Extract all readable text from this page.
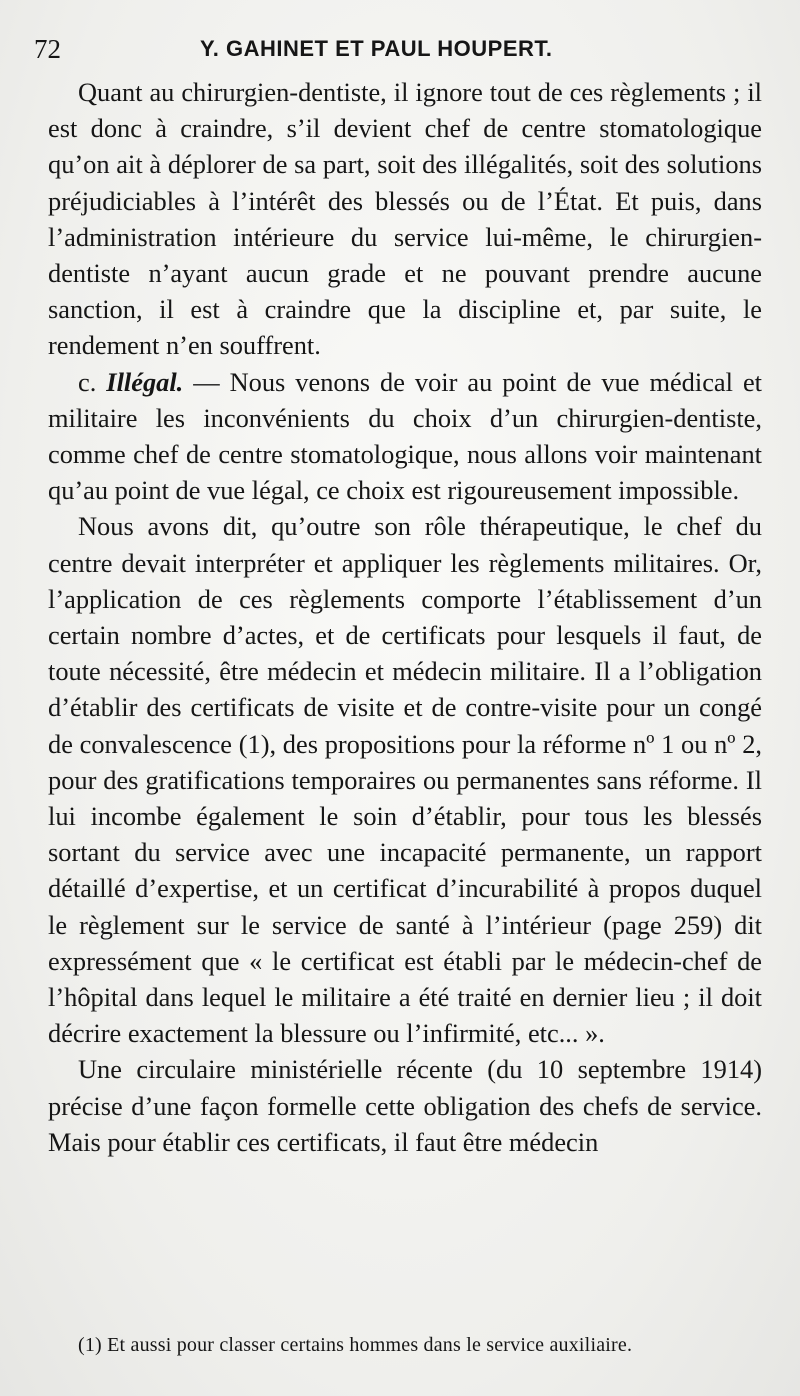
72	Y. GAHINET ET PAUL HOUPERT.

Quant au chirurgien-dentiste, il ignore tout de ces règlements ; il est donc à craindre, s’il devient chef de centre stomatologique qu’on ait à déplorer de sa part, soit des illégalités, soit des solutions préjudiciables à l’intérêt des blessés ou de l’État. Et puis, dans l’administration intérieure du service lui-même, le chirurgien-dentiste n’ayant aucun grade et ne pouvant prendre aucune sanction, il est à craindre que la discipline et, par suite, le rendement n’en souffrent.

c. Illégal. — Nous venons de voir au point de vue médical et militaire les inconvénients du choix d’un chirurgien-dentiste, comme chef de centre stomatologique, nous allons voir maintenant qu’au point de vue légal, ce choix est rigoureusement impossible.

Nous avons dit, qu’outre son rôle thérapeutique, le chef du centre devait interpréter et appliquer les règlements militaires. Or, l’application de ces règlements comporte l’établissement d’un certain nombre d’actes, et de certificats pour lesquels il faut, de toute nécessité, être médecin et médecin militaire. Il a l’obligation d’établir des certificats de visite et de contre-visite pour un congé de convalescence (1), des propositions pour la réforme nº 1 ou nº 2, pour des gratifications temporaires ou permanentes sans réforme. Il lui incombe également le soin d’établir, pour tous les blessés sortant du service avec une incapacité permanente, un rapport détaillé d’expertise, et un certificat d’incurabilité à propos duquel le règlement sur le service de santé à l’intérieur (page 259) dit expressément que « le certificat est établi par le médecin-chef de l’hôpital dans lequel le militaire a été traité en dernier lieu ; il doit décrire exactement la blessure ou l’infirmité, etc... ».

Une circulaire ministérielle récente (du 10 septembre 1914) précise d’une façon formelle cette obligation des chefs de service. Mais pour établir ces certificats, il faut être médecin

(1) Et aussi pour classer certains hommes dans le service auxiliaire.
